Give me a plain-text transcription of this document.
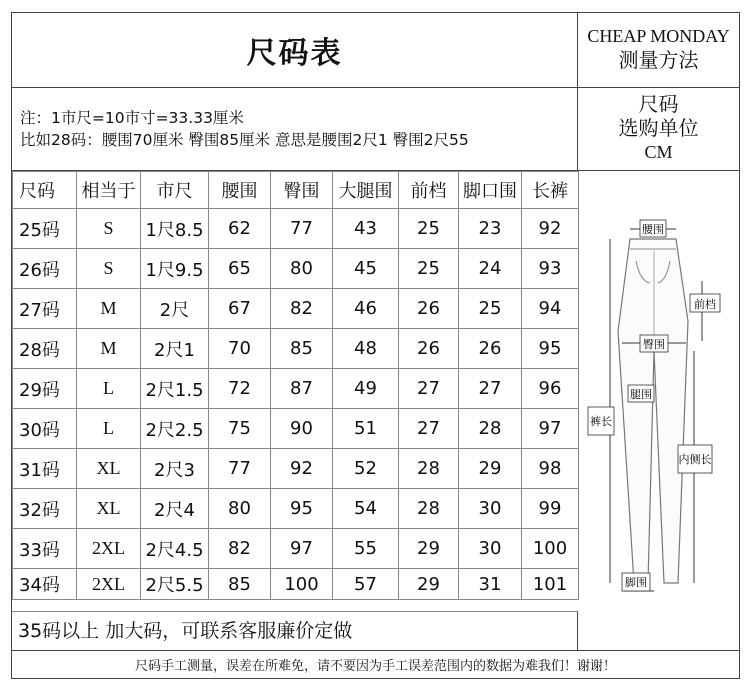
尺码表	CHEAP MONDAY
测量方法
注：1市尺=10市寸=33.33厘米
比如28码：腰围70厘米 臀围85厘米 意思是腰围2尺1 臀围2尺55
尺码
选购单位
CM
尺码	相当于	市尺	腰围	臀围	大腿围	前档	脚口围	长裤
25码	S	1尺8.5	62	77	43	25	23	92
26码	S	1尺9.5	65	80	45	25	24	93
27码	M	2尺	67	82	46	26	25	94
28码	M	2尺1	70	85	48	26	26	95
29码	L	2尺1.5	72	87	49	27	27	96
30码	L	2尺2.5	75	90	51	27	28	97
31码	XL	2尺3	77	92	52	28	29	98
32码	XL	2尺4	80	95	54	28	30	99
33码	2XL	2尺4.5	82	97	55	29	30	100
34码	2XL	2尺5.5	85	100	57	29	31	101
35码以上 加大码，可联系客服廉价定做
腰围
前档
臀围
腿围
裤长
内侧长
脚围
尺码手工测量，误差在所难免，请不要因为手工误差范围内的数据为难我们！谢谢！
